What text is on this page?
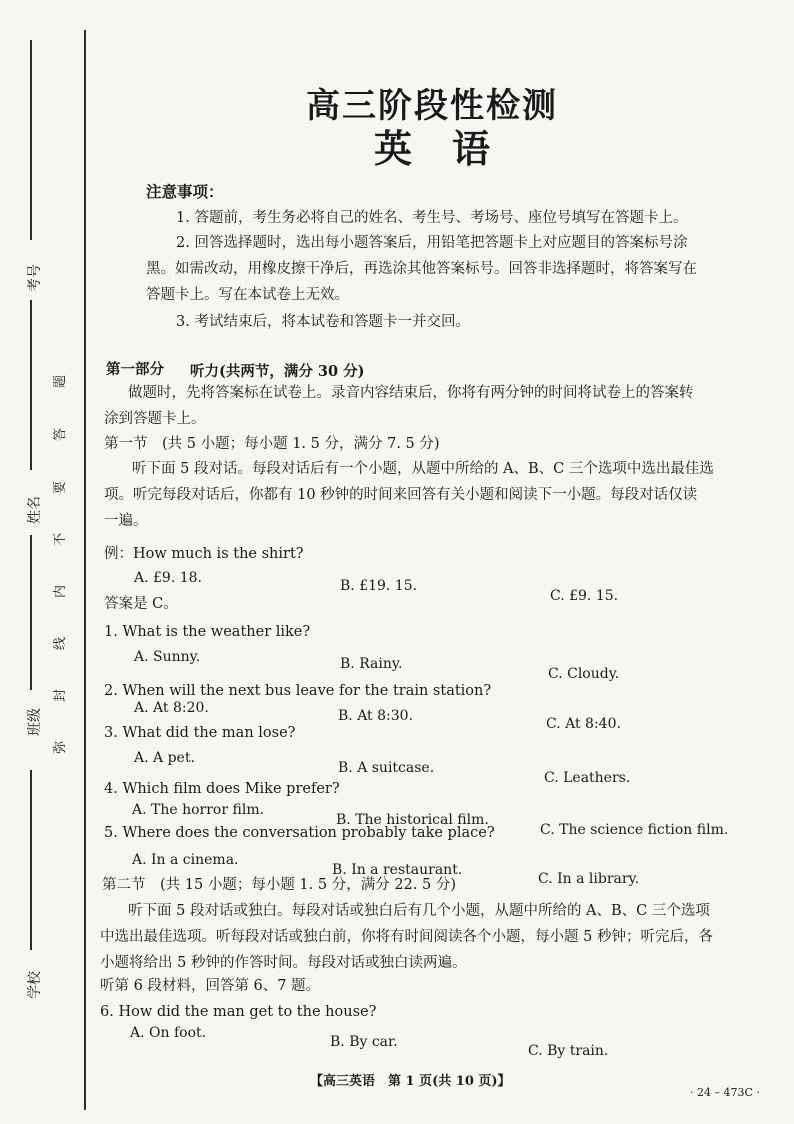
考号
姓名
班级
学校
题
答
要
不
内
线
封
弥
高三阶段性检测
英语
注意事项：
1. 答题前，考生务必将自己的姓名、考生号、考场号、座位号填写在答题卡上。
2. 回答选择题时，选出每小题答案后，用铅笔把答题卡上对应题目的答案标号涂
黑。如需改动，用橡皮擦干净后，再选涂其他答案标号。回答非选择题时，将答案写在
答题卡上。写在本试卷上无效。
3. 考试结束后，将本试卷和答题卡一并交回。
第一部分 听力(共两节，满分 30 分)
做题时，先将答案标在试卷上。录音内容结束后，你将有两分钟的时间将试卷上的答案转
涂到答题卡上。
第一节　(共 5 小题；每小题 1. 5 分，满分 7. 5 分)
听下面 5 段对话。每段对话后有一个小题，从题中所给的 A、B、C 三个选项中选出最佳选
项。听完每段对话后，你都有 10 秒钟的时间来回答有关小题和阅读下一小题。每段对话仅读
一遍。
例：How much is the shirt?
A. £9. 18.	B. £19. 15.
C. £9. 15.
答案是 C。
1. What is the weather like?
A. Sunny.	B. Rainy.
C. Cloudy.
2. When will the next bus leave for the train station?
A. At 8:20.	B. At 8:30.	C. At 8:40.
3. What did the man lose?
A. A pet.
B. A suitcase.
C. Leathers.
4. Which film does Mike prefer?
A. The horror film.
B. The historical film.
C. The science fiction film.
5. Where does the conversation probably take place?
A. In a cinema.
B. In a restaurant.
C. In a library.
第二节　(共 15 小题；每小题 1. 5 分，满分 22. 5 分)
听下面 5 段对话或独白。每段对话或独白后有几个小题，从题中所给的 A、B、C 三个选项
中选出最佳选项。听每段对话或独白前，你将有时间阅读各个小题，每小题 5 秒钟；听完后，各
小题将给出 5 秒钟的作答时间。每段对话或独白读两遍。
听第 6 段材料，回答第 6、7 题。
6. How did the man get to the house?
A. On foot.
B. By car.
C. By train.
【高三英语　第 1 页(共 10 页)】
· 24 – 473C ·
